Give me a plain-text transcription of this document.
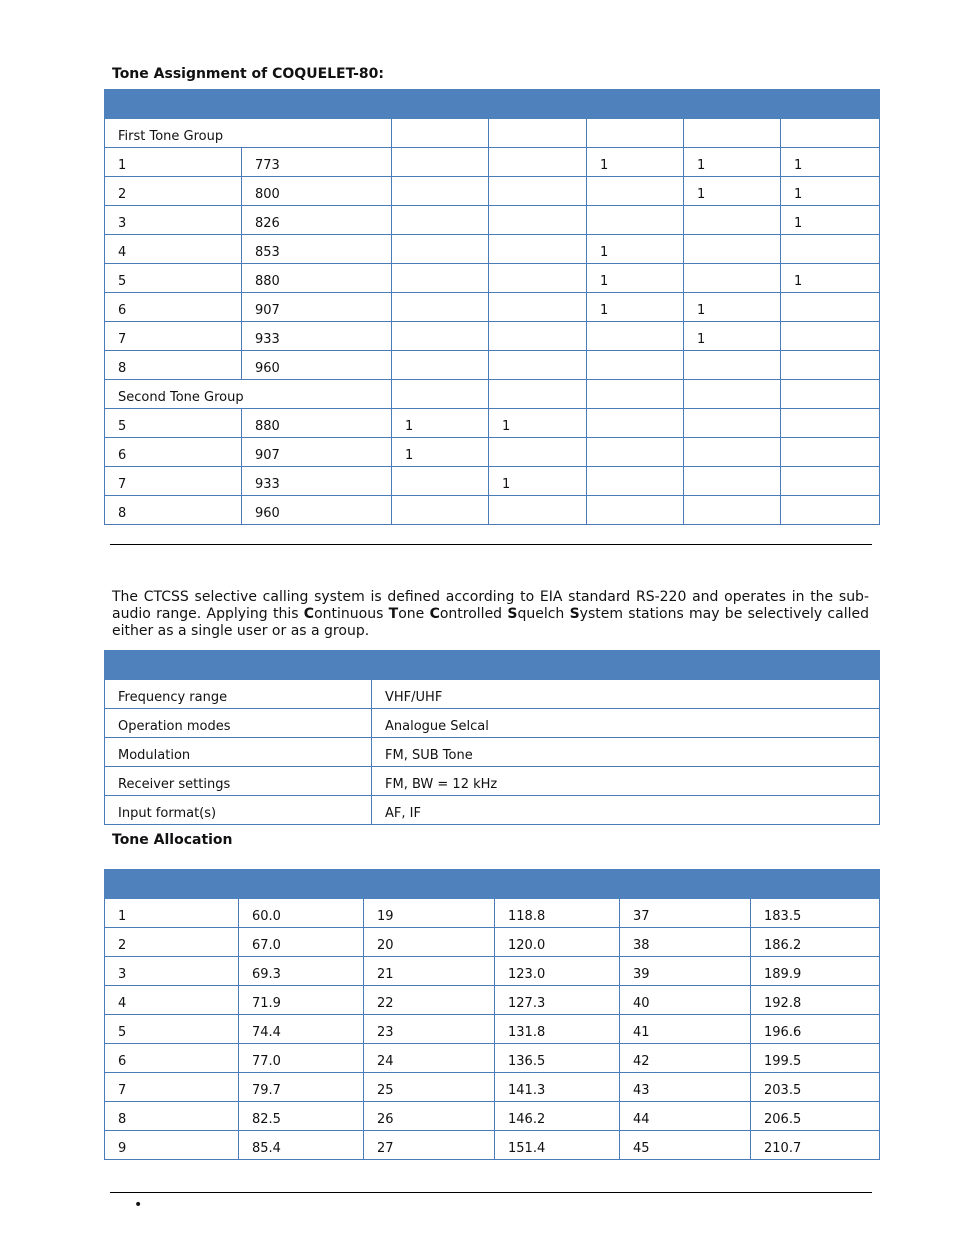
Tone Assignment of COQUELET-80:

First Tone Group						
1	773			1	1	1
2	800				1	1
3	826					1
4	853			1		
5	880			1		1
6	907			1	1	
7	933				1	
8	960					
Second Tone Group						
5	880	1	1			
6	907	1				
7	933		1			
8	960					

The CTCSS selective calling system is defined according to EIA standard RS-220 and operates in the sub-audio range. Applying this Continuous Tone Controlled Squelch System stations may be selectively called either as a single user or as a group.

Frequency range	VHF/UHF
Operation modes	Analogue Selcal
Modulation	FM, SUB Tone
Receiver settings	FM, BW = 12 kHz
Input format(s)	AF, IF
Tone Allocation

1	60.0	19	118.8	37	183.5
2	67.0	20	120.0	38	186.2
3	69.3	21	123.0	39	189.9
4	71.9	22	127.3	40	192.8
5	74.4	23	131.8	41	196.6
6	77.0	24	136.5	42	199.5
7	79.7	25	141.3	43	203.5
8	82.5	26	146.2	44	206.5
9	85.4	27	151.4	45	210.7
•
